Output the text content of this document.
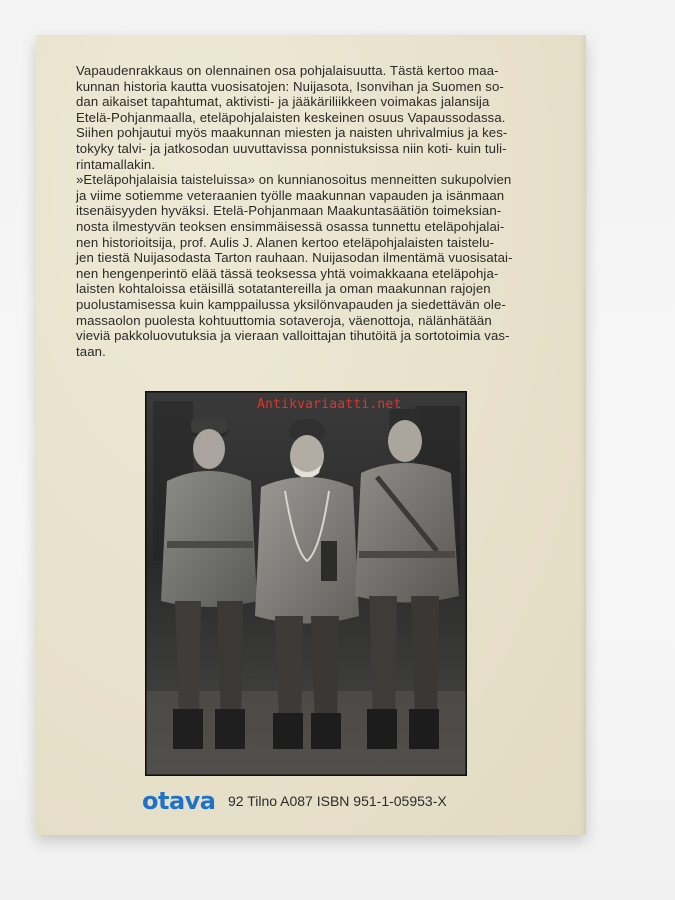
Vapaudenrakkaus on olennainen osa pohjalaisuutta. Tästä kertoo maa-
kunnan historia kautta vuosisatojen: Nuijasota, Isonvihan ja Suomen so-
dan aikaiset tapahtumat, aktivisti- ja jääkäriliikkeen voimakas jalansija
Etelä-Pohjanmaalla, eteläpohjalaisten keskeinen osuus Vapaussodassa.
Siihen pohjautui myös maakunnan miesten ja naisten uhrivalmius ja kes-
tokyky talvi- ja jatkosodan uuvuttavissa ponnistuksissa niin koti- kuin tuli-
rintamallakin.
»Eteläpohjalaisia taisteluissa» on kunnianosoitus menneitten sukupolvien
ja viime sotiemme veteraanien työlle maakunnan vapauden ja isänmaan
itsenäisyyden hyväksi. Etelä-Pohjanmaan Maakuntasäätiön toimeksian-
nosta ilmestyvän teoksen ensimmäisessä osassa tunnettu eteläpohjalai-
nen historioitsija, prof. Aulis J. Alanen kertoo eteläpohjalaisten taistelu-
jen tiestä Nuijasodasta Tarton rauhaan. Nuijasodan ilmentämä vuosisatai-
nen hengenperintö elää tässä teoksessa yhtä voimakkaana eteläpohja-
laisten kohtaloissa etäisillä sotatantereilla ja oman maakunnan rajojen
puolustamisessa kuin kamppailussa yksilönvapauden ja siedettävän ole-
massaolon puolesta kohtuuttomia sotaveroja, väenottoja, nälänhätään
vieviä pakkoluovutuksia ja vieraan valloittajan tihutöitä ja sortotoimia vas-
taan.
Antikvariaatti.net
otava 92 Tilno A087 ISBN 951-1-05953-X
